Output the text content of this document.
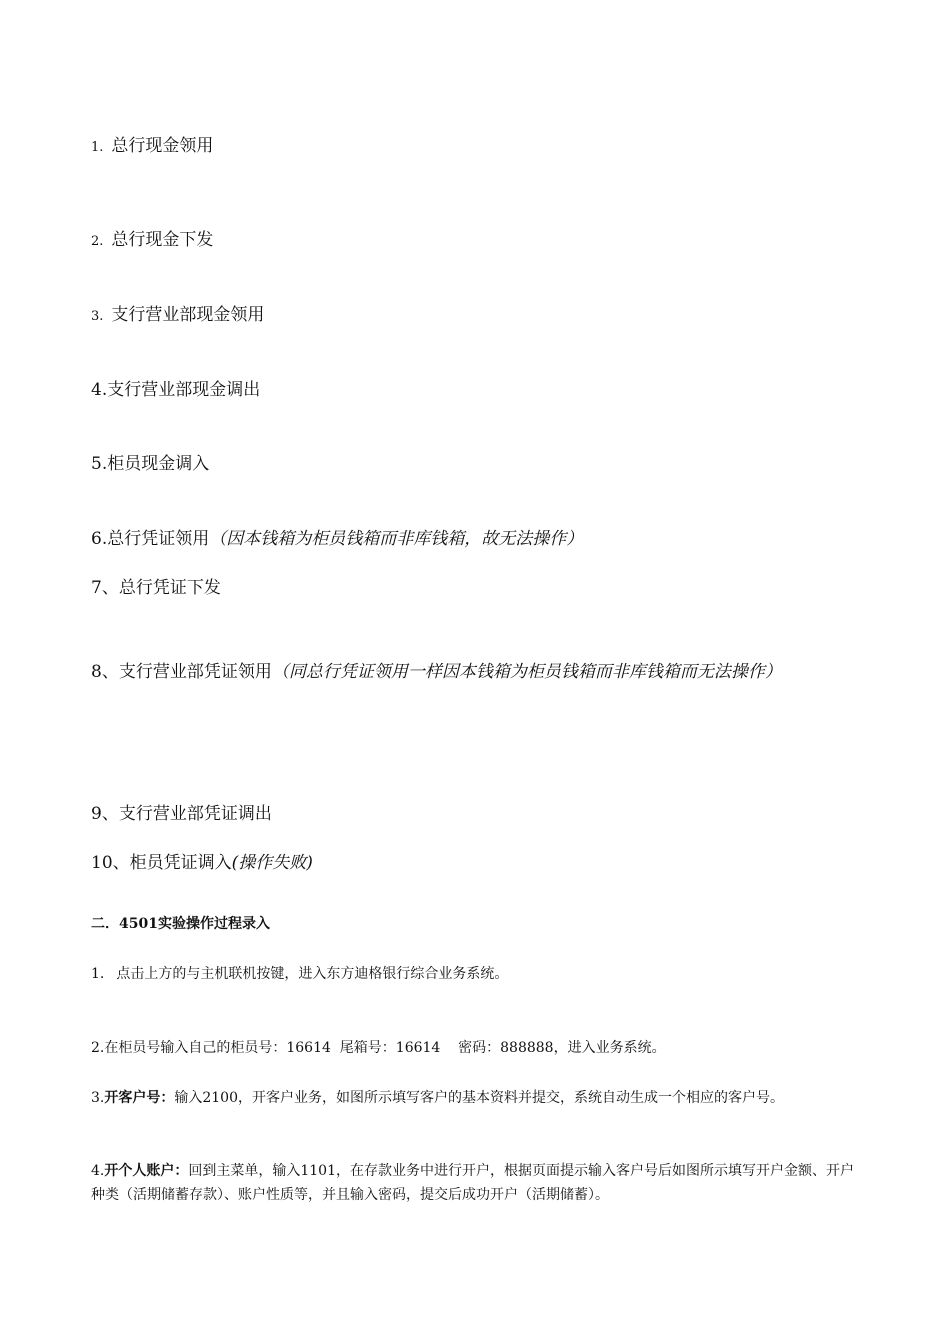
1. 总行现金领用
2. 总行现金下发
3. 支行营业部现金领用
4.支行营业部现金调出
5.柜员现金调入
6.总行凭证领用（因本钱箱为柜员钱箱而非库钱箱，故无法操作）
7、总行凭证下发
8、支行营业部凭证领用（同总行凭证领用一样因本钱箱为柜员钱箱而非库钱箱而无法操作）
9、支行营业部凭证调出
10、柜员凭证调入(操作失败)
二．4501实验操作过程录入
1. 点击上方的与主机联机按键，进入东方迪格银行综合业务系统。
2.在柜员号输入自己的柜员号：16614  尾箱号：16614    密码：888888，进入业务系统。
3.开客户号：输入2100，开客户业务，如图所示填写客户的基本资料并提交，系统自动生成一个相应的客户号。
4.开个人账户：回到主菜单，输入1101，在存款业务中进行开户，根据页面提示输入客户号后如图所示填写开户金额、开户种类（活期储蓄存款）、账户性质等，并且输入密码，提交后成功开户（活期储蓄）。
